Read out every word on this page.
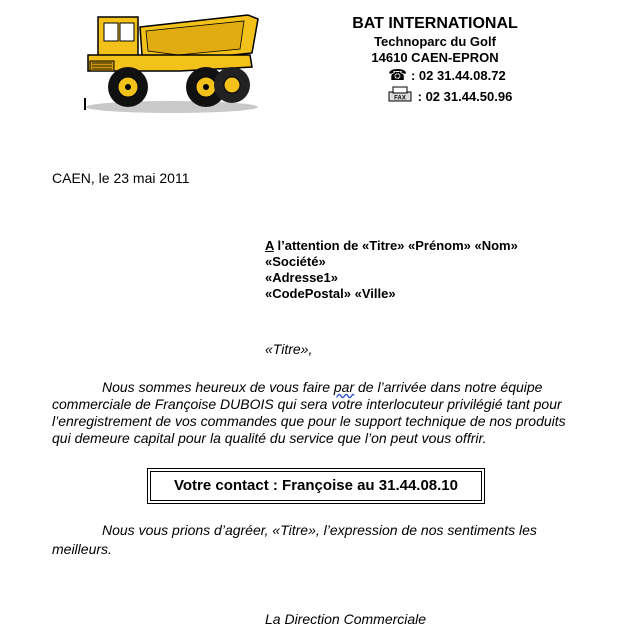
BAT INTERNATIONAL
Technoparc du Golf
14610 CAEN-EPRON
☎ : 02 31.44.08.72
FAX : 02 31.44.50.96
CAEN, le 23 mai 2011
A l’attention de «Titre» «Prénom» «Nom»
«Société»
«Adresse1»
«CodePostal» «Ville»
«Titre»,
Nous sommes heureux de vous faire par de l’arrivée dans notre équipe commerciale de Françoise DUBOIS qui sera votre interlocuteur privilégié tant pour l’enregistrement de vos commandes que pour le support technique de nos produits qui demeure capital pour la qualité du service que l’on peut vous offrir.
Votre contact : Françoise au 31.44.08.10
Nous vous prions d’agréer, «Titre», l’expression de nos sentiments les meilleurs.
La Direction Commerciale
